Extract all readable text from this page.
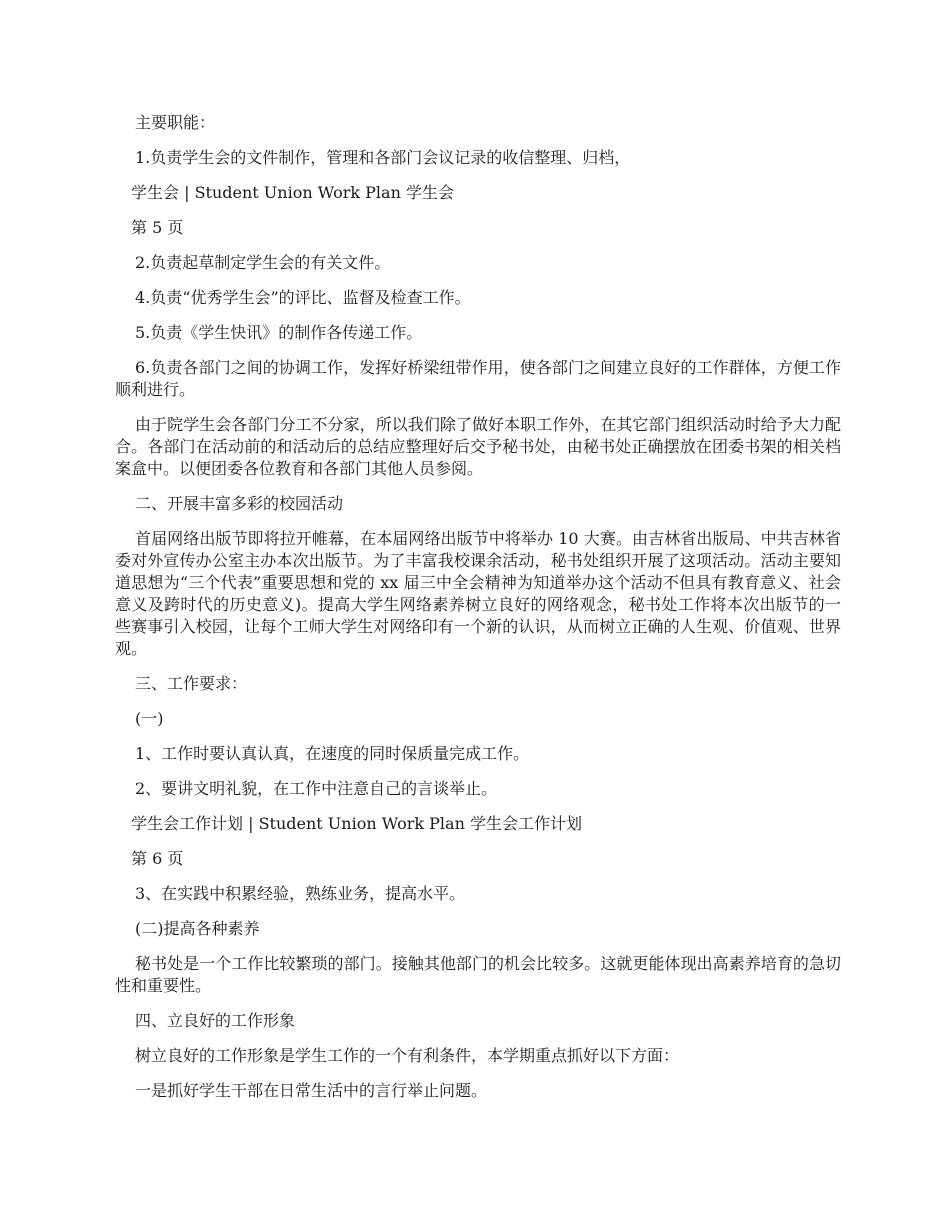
主要职能：

1.负责学生会的文件制作，管理和各部门会议记录的收信整理、归档，

学生会 | Student Union Work Plan 学生会

第 5 页

2.负责起草制定学生会的有关文件。

4.负责“优秀学生会”的评比、监督及检查工作。

5.负责《学生快讯》的制作各传递工作。

6.负责各部门之间的协调工作，发挥好桥梁纽带作用，使各部门之间建立良好的工作群体，方便工作顺利进行。

由于院学生会各部门分工不分家，所以我们除了做好本职工作外，在其它部门组织活动时给予大力配合。各部门在活动前的和活动后的总结应整理好后交予秘书处，由秘书处正确摆放在团委书架的相关档案盒中。以便团委各位教育和各部门其他人员参阅。

二、开展丰富多彩的校园活动

首届网络出版节即将拉开帷幕，在本届网络出版节中将举办 10 大赛。由吉林省出版局、中共吉林省委对外宣传办公室主办本次出版节。为了丰富我校课余活动，秘书处组织开展了这项活动。活动主要知道思想为“三个代表”重要思想和党的 xx 届三中全会精神为知道举办这个活动不但具有教育意义、社会意义及跨时代的历史意义)。提高大学生网络素养树立良好的网络观念，秘书处工作将本次出版节的一些赛事引入校园，让每个工师大学生对网络印有一个新的认识，从而树立正确的人生观、价值观、世界观。

三、工作要求：

(一)

1、工作时要认真认真，在速度的同时保质量完成工作。

2、要讲文明礼貌，在工作中注意自己的言谈举止。

学生会工作计划 | Student Union Work Plan 学生会工作计划

第 6 页

3、在实践中积累经验，熟练业务，提高水平。

(二)提高各种素养

秘书处是一个工作比较繁琐的部门。接触其他部门的机会比较多。这就更能体现出高素养培育的急切性和重要性。

四、立良好的工作形象

树立良好的工作形象是学生工作的一个有利条件，本学期重点抓好以下方面：

一是抓好学生干部在日常生活中的言行举止问题。
